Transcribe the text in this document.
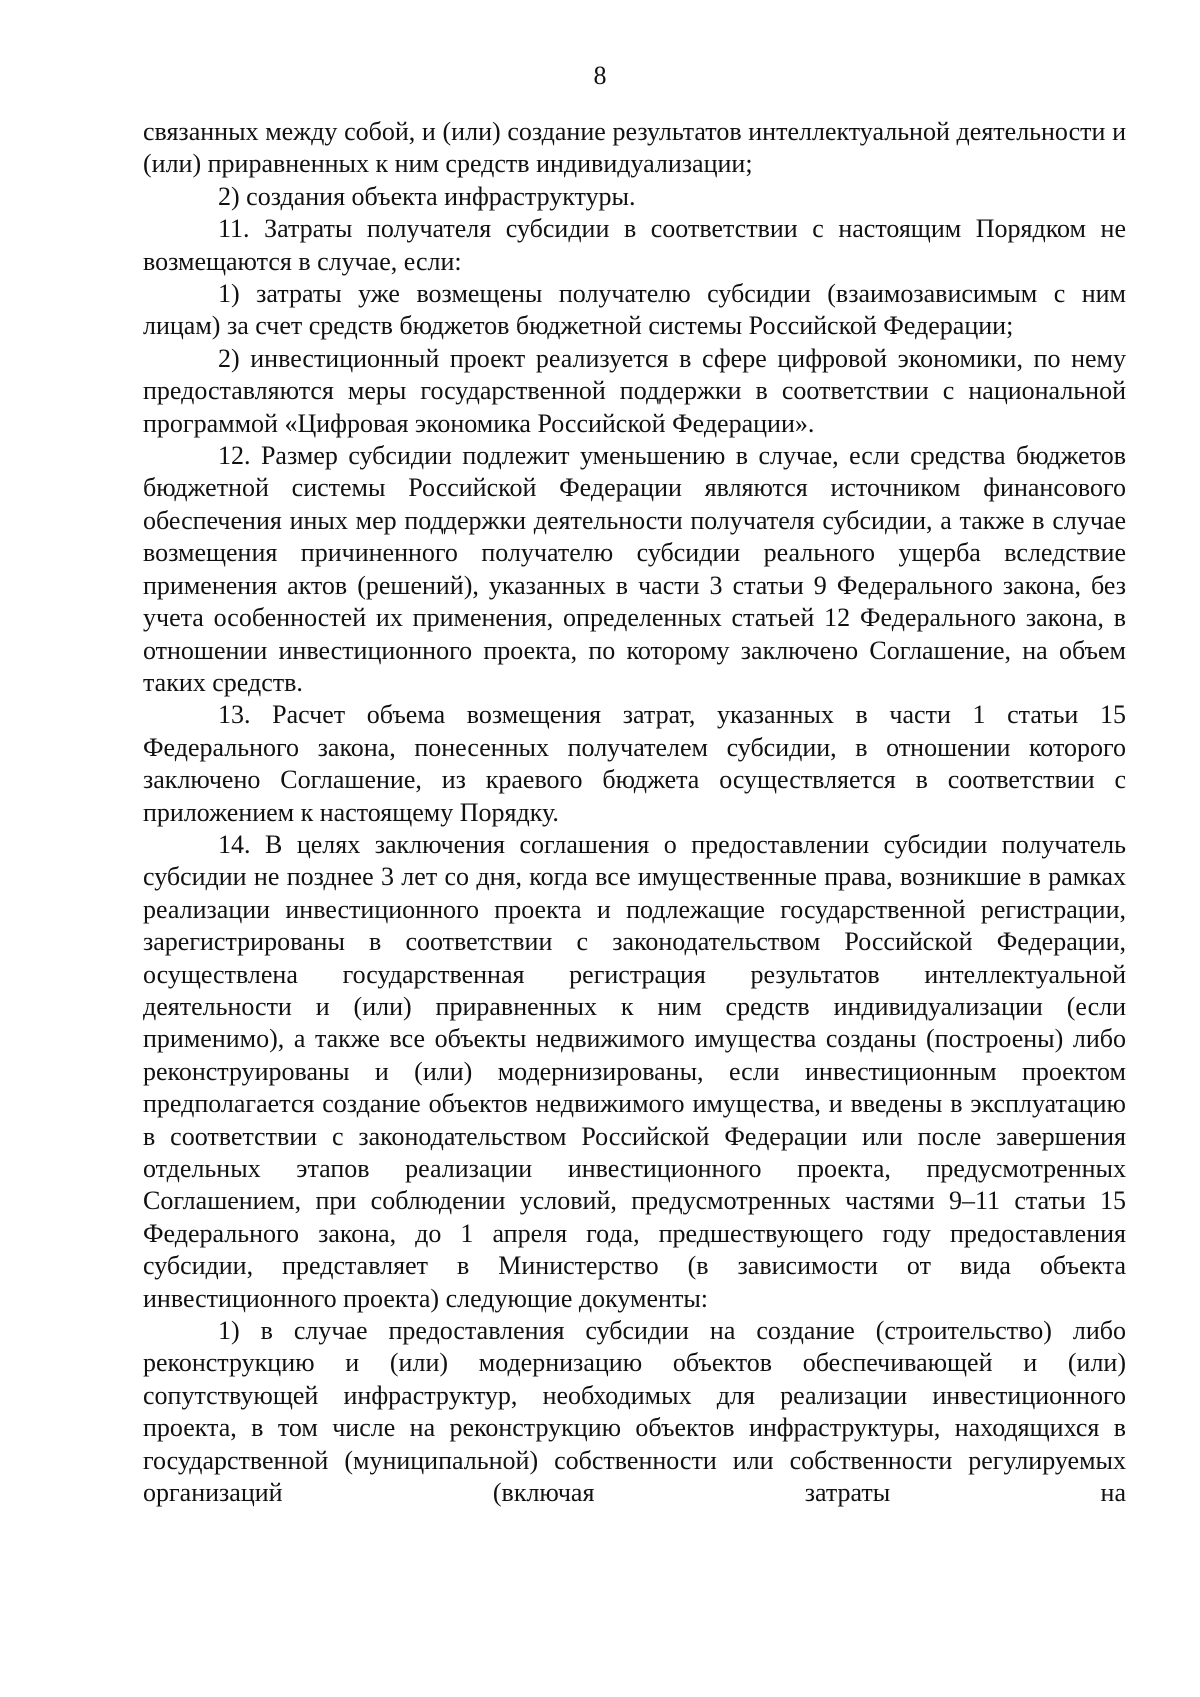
8

связанных между собой, и (или) создание результатов интеллектуальной деятельности и (или) приравненных к ним средств индивидуализации;

2) создания объекта инфраструктуры.

11. Затраты получателя субсидии в соответствии с настоящим Порядком не возмещаются в случае, если:

1) затраты уже возмещены получателю субсидии (взаимозависимым с ним лицам) за счет средств бюджетов бюджетной системы Российской Федерации;

2) инвестиционный проект реализуется в сфере цифровой экономики, по нему предоставляются меры государственной поддержки в соответствии с национальной программой «Цифровая экономика Российской Федерации».

12. Размер субсидии подлежит уменьшению в случае, если средства бюджетов бюджетной системы Российской Федерации являются источником финансового обеспечения иных мер поддержки деятельности получателя субсидии, а также в случае возмещения причиненного получателю субсидии реального ущерба вследствие применения актов (решений), указанных в части 3 статьи 9 Федерального закона, без учета особенностей их применения, определенных статьей 12 Федерального закона, в отношении инвестиционного проекта, по которому заключено Соглашение, на объем таких средств.

13. Расчет объема возмещения затрат, указанных в части 1 статьи 15 Федерального закона, понесенных получателем субсидии, в отношении которого заключено Соглашение, из краевого бюджета осуществляется в соответствии с приложением к настоящему Порядку.

14. В целях заключения соглашения о предоставлении субсидии получатель субсидии не позднее 3 лет со дня, когда все имущественные права, возникшие в рамках реализации инвестиционного проекта и подлежащие государственной регистрации, зарегистрированы в соответствии с законодательством Российской Федерации, осуществлена государственная регистрация результатов интеллектуальной деятельности и (или) приравненных к ним средств индивидуализации (если применимо), а также все объекты недвижимого имущества созданы (построены) либо реконструированы и (или) модернизированы, если инвестиционным проектом предполагается создание объектов недвижимого имущества, и введены в эксплуатацию в соответствии с законодательством Российской Федерации или после завершения отдельных этапов реализации инвестиционного проекта, предусмотренных Соглашением, при соблюдении условий, предусмотренных частями 9–11 статьи 15 Федерального закона, до 1 апреля года, предшествующего году предоставления субсидии, представляет в Министерство (в зависимости от вида объекта инвестиционного проекта) следующие документы:

1) в случае предоставления субсидии на создание (строительство) либо реконструкцию и (или) модернизацию объектов обеспечивающей и (или) сопутствующей инфраструктур, необходимых для реализации инвестиционного проекта, в том числе на реконструкцию объектов инфраструктуры, находящихся в государственной (муниципальной) собственности или собственности регулируемых организаций (включая затраты на
